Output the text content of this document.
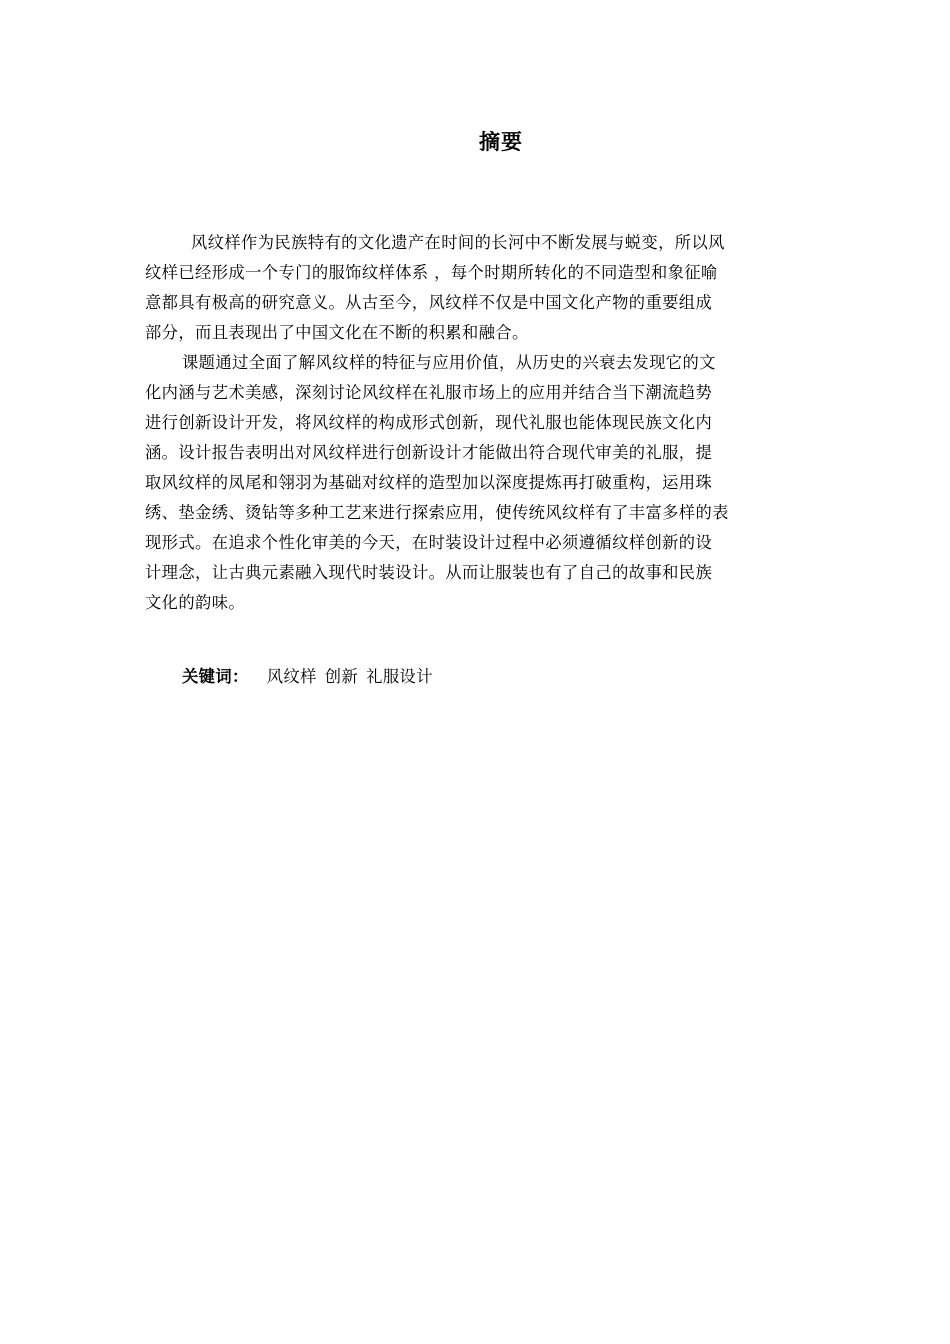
摘要
风纹样作为民族特有的文化遗产在时间的长河中不断发展与蜕变，所以风
纹样已经形成一个专门的服饰纹样体系 ，每个时期所转化的不同造型和象征喻
意都具有极高的研究意义。从古至今，风纹样不仅是中国文化产物的重要组成
部分，而且表现出了中国文化在不断的积累和融合。
课题通过全面了解风纹样的特征与应用价值，从历史的兴衰去发现它的文
化内涵与艺术美感，深刻讨论风纹样在礼服市场上的应用并结合当下潮流趋势
进行创新设计开发，将风纹样的构成形式创新，现代礼服也能体现民族文化内
涵。设计报告表明出对风纹样进行创新设计才能做出符合现代审美的礼服，提
取风纹样的凤尾和翎羽为基础对纹样的造型加以深度提炼再打破重构，运用珠
绣、垫金绣、烫钻等多种工艺来进行探索应用，使传统风纹样有了丰富多样的表
现形式。在追求个性化审美的今天，在时装设计过程中必须遵循纹样创新的设
计理念，让古典元素融入现代时装设计。从而让服装也有了自己的故事和民族
文化的韵味。
关键词： 风纹样 创新 礼服设计
